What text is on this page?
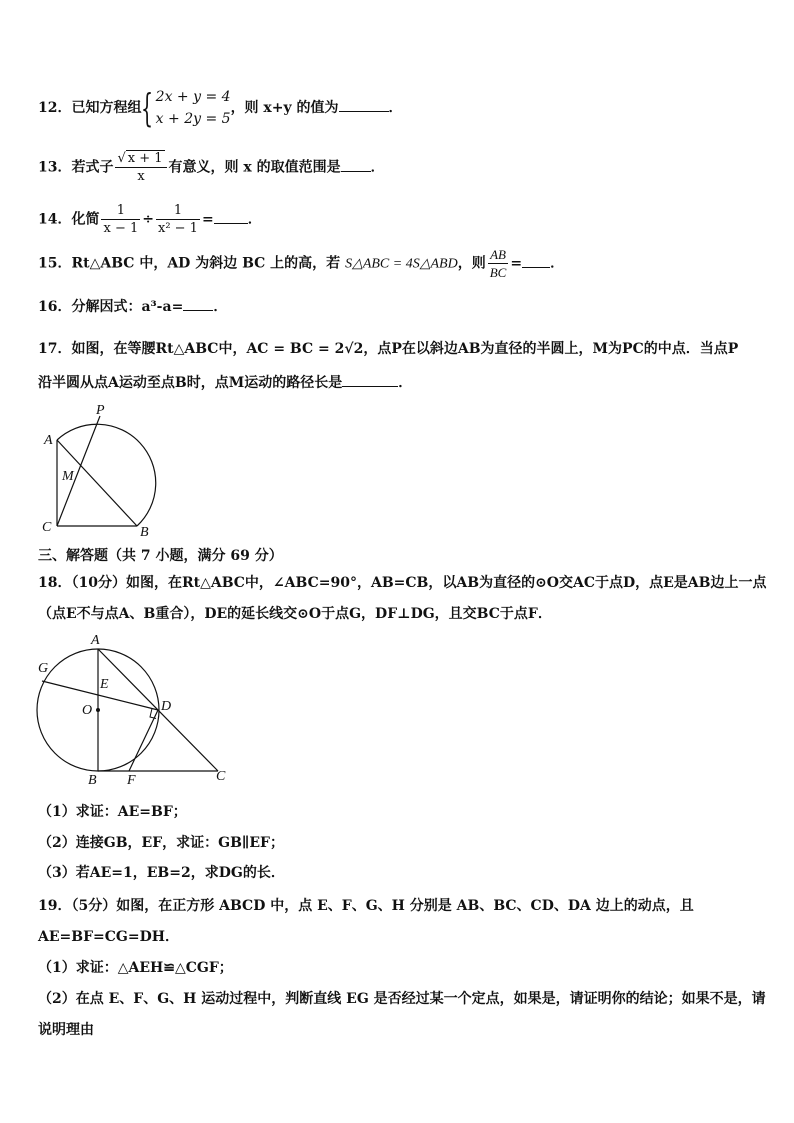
12．已知方程组{ 2x + y = 4
x + 2y = 5
，则 x+y 的值为	．
13．若式子 $\frac{√ x + 1}{x}$ 有意义，则 x 的取值范围是 ．
14．化简 $\frac{1}{x - 1} \div \frac{1}{\text{x² − 1}}$ = ．
15．Rt△ABC 中，AD 为斜边 BC 上的高，若 S△ABC = 4S△ABD，则 $\frac{AB}{BC}$ = ．
16．分解因式：a³-a= ．
17．如图，在等腰Rt△ABC中，AC = BC = 2√2，点P在以斜边AB为直径的半圆上，M为PC的中点．当点P
沿半圆从点A运动至点B时，点M运动的路径长是	．
A
P
M
C	B
三、解答题（共 7 小题，满分 69 分）
18．（10分）如图，在Rt△ABC中，∠ABC=90°，AB=CB，以AB为直径的⊙O交AC于点D，点E是AB边上一点
（点E不与点A、B重合），DE的延长线交⊙O于点G，DF⊥DG，且交BC于点F．
A
G
E
O	D
B F	C
（1）求证：AE=BF；
（2）连接GB，EF，求证：GB∥EF；
（3）若AE=1，EB=2，求DG的长．
19．（5分）如图，在正方形 ABCD 中，点 E、F、G、H 分别是 AB、BC、CD、DA 边上的动点，且
AE=BF=CG=DH．
（1）求证：△AEH≌△CGF；
（2）在点 E、F、G、H 运动过程中，判断直线 EG 是否经过某一个定点，如果是，请证明你的结论；如果不是，请
说明理由
